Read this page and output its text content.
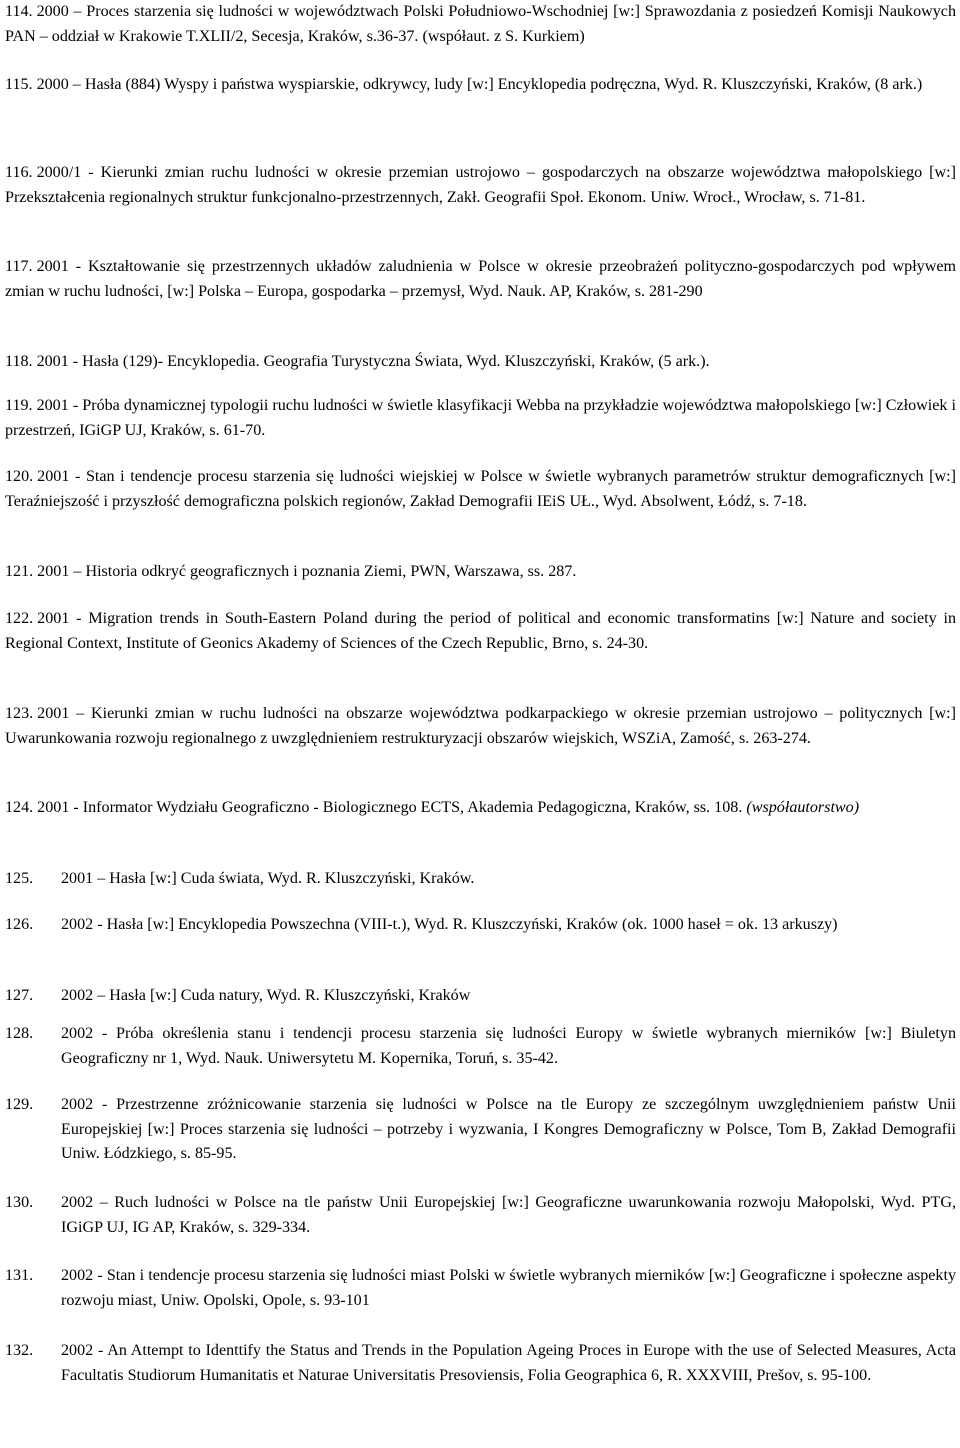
114. 2000 – Proces starzenia się ludności w województwach Polski Południowo-Wschodniej [w:] Sprawozdania z posiedzeń Komisji Naukowych PAN – oddział w Krakowie T.XLII/2, Secesja, Kraków, s.36-37. (współaut. z S. Kurkiem)

115. 2000 – Hasła (884) Wyspy i państwa wyspiarskie, odkrywcy, ludy [w:] Encyklopedia podręczna, Wyd. R. Kluszczyński, Kraków, (8 ark.)

116. 2000/1 - Kierunki zmian ruchu ludności w okresie przemian ustrojowo – gospodarczych na obszarze województwa małopolskiego [w:] Przekształcenia regionalnych struktur funkcjonalno-przestrzennych, Zakł. Geografii Społ. Ekonom. Uniw. Wrocł., Wrocław, s. 71-81.

117. 2001 - Kształtowanie się przestrzennych układów zaludnienia w Polsce w okresie przeobrażeń polityczno-gospodarczych pod wpływem zmian w ruchu ludności, [w:] Polska – Europa, gospodarka – przemysł, Wyd. Nauk. AP, Kraków, s. 281-290

118. 2001 - Hasła (129)- Encyklopedia. Geografia Turystyczna Świata, Wyd. Kluszczyński, Kraków, (5 ark.).

119. 2001 - Próba dynamicznej typologii ruchu ludności w świetle klasyfikacji Webba na przykładzie województwa małopolskiego [w:] Człowiek i przestrzeń, IGiGP UJ, Kraków, s. 61-70.

120. 2001 - Stan i tendencje procesu starzenia się ludności wiejskiej w Polsce w świetle wybranych parametrów struktur demograficznych [w:] Teraźniejszość i przyszłość demograficzna polskich regionów, Zakład Demografii IEiS UŁ., Wyd. Absolwent, Łódź, s. 7-18.

121. 2001 – Historia odkryć geograficznych i poznania Ziemi, PWN, Warszawa, ss. 287.

122. 2001 - Migration trends in South-Eastern Poland during the period of political and economic transformatins [w:] Nature and society in Regional Context, Institute of Geonics Akademy of Sciences of the Czech Republic, Brno, s. 24-30.

123. 2001 – Kierunki zmian w ruchu ludności na obszarze województwa podkarpackiego w okresie przemian ustrojowo – politycznych [w:] Uwarunkowania rozwoju regionalnego z uwzględnieniem restrukturyzacji obszarów wiejskich, WSZiA, Zamość, s. 263-274.

124. 2001 - Informator Wydziału Geograficzno - Biologicznego ECTS, Akademia Pedagogiczna, Kraków, ss. 108. (współautorstwo)

125.	2001 – Hasła [w:] Cuda świata, Wyd. R. Kluszczyński, Kraków.
126.	2002 - Hasła [w:] Encyklopedia Powszechna (VIII-t.), Wyd. R. Kluszczyński, Kraków (ok. 1000 haseł = ok. 13 arkuszy)
127.	2002 – Hasła [w:] Cuda natury, Wyd. R. Kluszczyński, Kraków
128.	2002 - Próba określenia stanu i tendencji procesu starzenia się ludności Europy w świetle wybranych mierników [w:] Biuletyn Geograficzny nr 1, Wyd. Nauk. Uniwersytetu M. Kopernika, Toruń, s. 35-42.
129.	2002 - Przestrzenne zróżnicowanie starzenia się ludności w Polsce na tle Europy ze szczególnym uwzględnieniem państw Unii Europejskiej [w:] Proces starzenia się ludności – potrzeby i wyzwania, I Kongres Demograficzny w Polsce, Tom B, Zakład Demografii Uniw. Łódzkiego, s. 85-95.
130.	2002 – Ruch ludności w Polsce na tle państw Unii Europejskiej [w:] Geograficzne uwarunkowania rozwoju Małopolski, Wyd. PTG, IGiGP UJ, IG AP, Kraków, s. 329-334.
131.	2002 - Stan i tendencje procesu starzenia się ludności miast Polski w świetle wybranych mierników [w:] Geograficzne i społeczne aspekty rozwoju miast, Uniw. Opolski, Opole, s. 93-101
132.	2002 - An Attempt to Identtify the Status and Trends in the Population Ageing Proces in Europe with the use of Selected Measures, Acta Facultatis Studiorum Humanitatis et Naturae Universitatis Presoviensis, Folia Geographica 6, R. XXXVIII, Prešov, s. 95-100.
